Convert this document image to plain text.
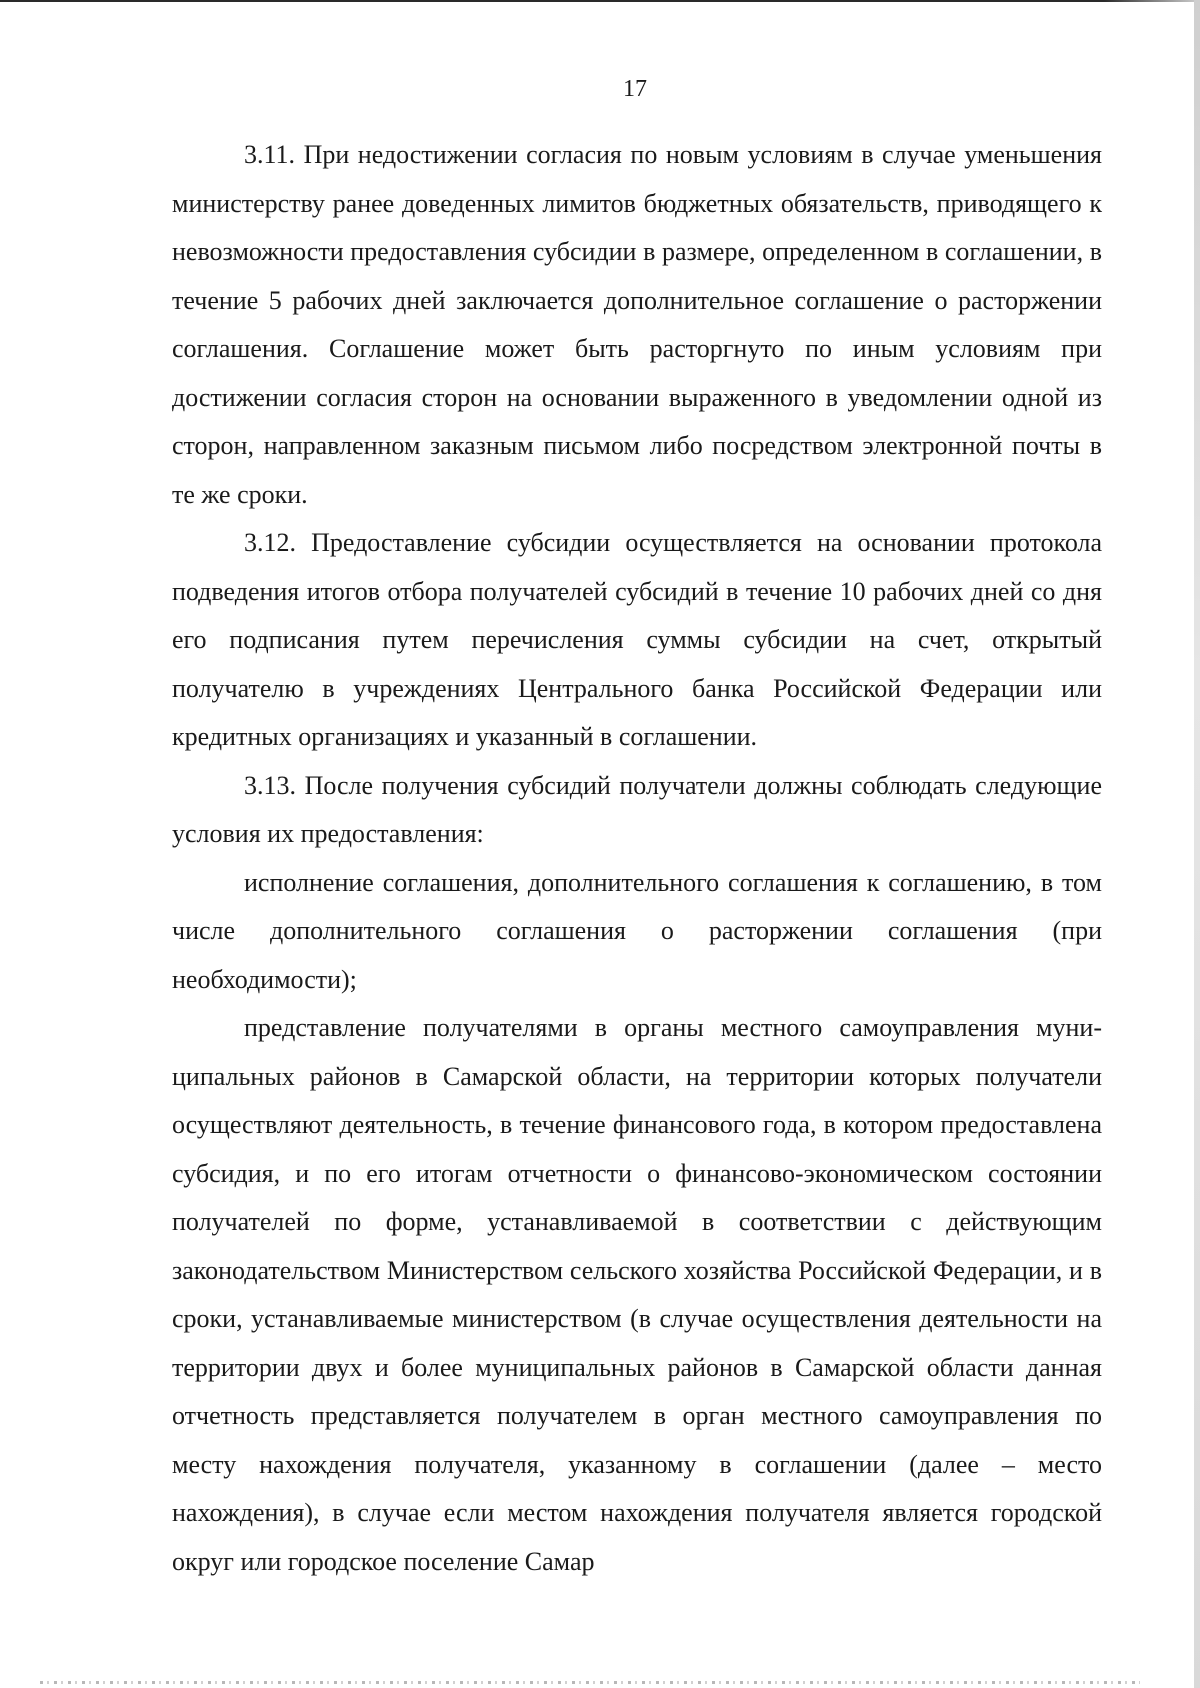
17

3.11. При недостижении согласия по новым условиям в случае уменьшения министерству ранее доведенных лимитов бюджетных обязательств, приводящего к невозможности предоставления субсидии в размере, определенном в соглашении, в течение 5 рабочих дней заключается дополнительное соглашение о расторжении соглашения. Соглашение может быть расторгнуто по иным условиям при достижении согласия сторон на основании выраженного в уведомлении одной из сторон, направленном заказным письмом либо посредством электронной почты в те же сроки.

3.12. Предоставление субсидии осуществляется на основании протокола подведения итогов отбора получателей субсидий в течение 10 рабочих дней со дня его подписания путем перечисления суммы субсидии на счет, открытый получателю в учреждениях Центрального банка Российской Федерации или кредитных организациях и указанный в соглашении.

3.13. После получения субсидий получатели должны соблюдать следующие условия их предоставления:

исполнение соглашения, дополнительного соглашения к соглашению, в том числе дополнительного соглашения о расторжении соглашения (при необходимости);

представление получателями в органы местного самоуправления муниципальных районов в Самарской области, на территории которых получатели осуществляют деятельность, в течение финансового года, в котором предоставлена субсидия, и по его итогам отчетности о финансово-экономическом состоянии получателей по форме, устанавливаемой в соответствии с действующим законодательством Министерством сельского хозяйства Российской Федерации, и в сроки, устанавливаемые министерством (в случае осуществления деятельности на территории двух и более муниципальных районов в Самарской области данная отчетность представляется получателем в орган местного самоуправления по месту нахождения получателя, указанному в соглашении (далее – место нахождения), в случае если местом нахождения получателя является городской округ или городское поселение Самар
